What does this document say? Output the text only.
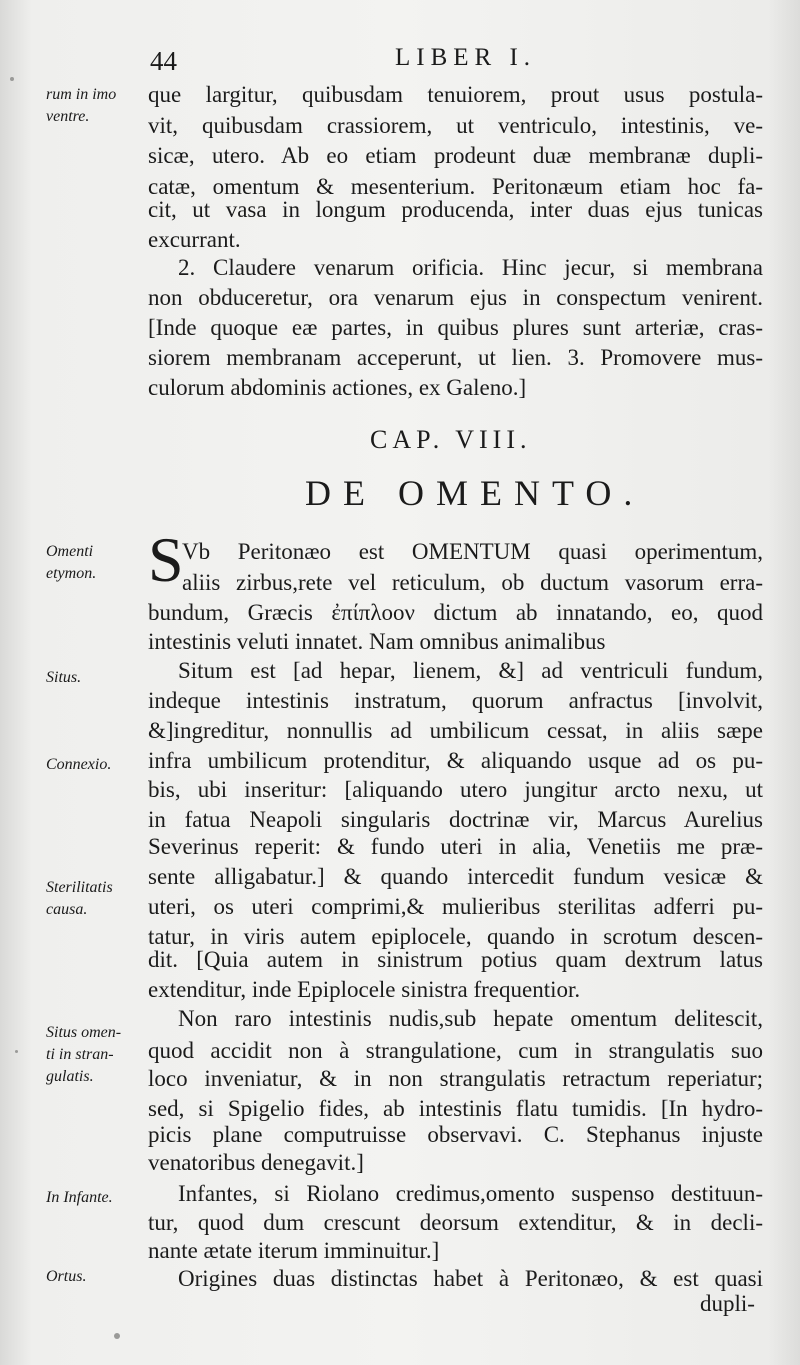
44	LIBER I.
rum in imo
ventre.
Omenti
etymon.
Situs.
Connexio.
Sterilitatis
causa.
Situs omen-
ti in stran-
gulatis.
In Infante.
Ortus.
que largitur, quibusdam tenuiorem, prout usus postula-
vit, quibusdam crassiorem, ut ventriculo, intestinis, ve-
sicæ, utero. Ab eo etiam prodeunt duæ membranæ dupli-
catæ, omentum & mesenterium. Peritonæum etiam hoc fa-
cit, ut vasa in longum producenda, inter duas ejus tunicas
excurrant.
2. Claudere venarum orificia. Hinc jecur, si membrana
non obduceretur, ora venarum ejus in conspectum venirent.
[Inde quoque eæ partes, in quibus plures sunt arteriæ, cras-
siorem membranam acceperunt, ut lien. 3. Promovere mus-
culorum abdominis actiones, ex Galeno.]
CAP. VIII.
DE OMENTO.
S
Vb Peritonæo est OMENTUM quasi operimentum,
aliis zirbus,rete vel reticulum, ob ductum vasorum erra-
bundum, Græcis ἐπίπλοον dictum ab innatando, eo, quod
intestinis veluti innatet. Nam omnibus animalibus
Situm est [ad hepar, lienem, &] ad ventriculi fundum,
indeque intestinis instratum, quorum anfractus [involvit,
&]ingreditur, nonnullis ad umbilicum cessat, in aliis sæpe
infra umbilicum protenditur, & aliquando usque ad os pu-
bis, ubi inseritur: [aliquando utero jungitur arcto nexu, ut
in fatua Neapoli singularis doctrinæ vir, Marcus Aurelius
Severinus reperit: & fundo uteri in alia, Venetiis me præ-
sente alligabatur.] & quando intercedit fundum vesicæ &
uteri, os uteri comprimi,& mulieribus sterilitas adferri pu-
tatur, in viris autem epiplocele, quando in scrotum descen-
dit. [Quia autem in sinistrum potius quam dextrum latus
extenditur, inde Epiplocele sinistra frequentior.
Non raro intestinis nudis,sub hepate omentum delitescit,
quod accidit non à strangulatione, cum in strangulatis suo
loco inveniatur, & in non strangulatis retractum reperiatur;
sed, si Spigelio fides, ab intestinis flatu tumidis. [In hydro-
picis plane computruisse observavi. C. Stephanus injuste
venatoribus denegavit.]
Infantes, si Riolano credimus,omento suspenso destituun-
tur, quod dum crescunt deorsum extenditur, & in decli-
nante ætate iterum imminuitur.]
Origines duas distinctas habet à Peritonæo, & est quasi
dupli-
